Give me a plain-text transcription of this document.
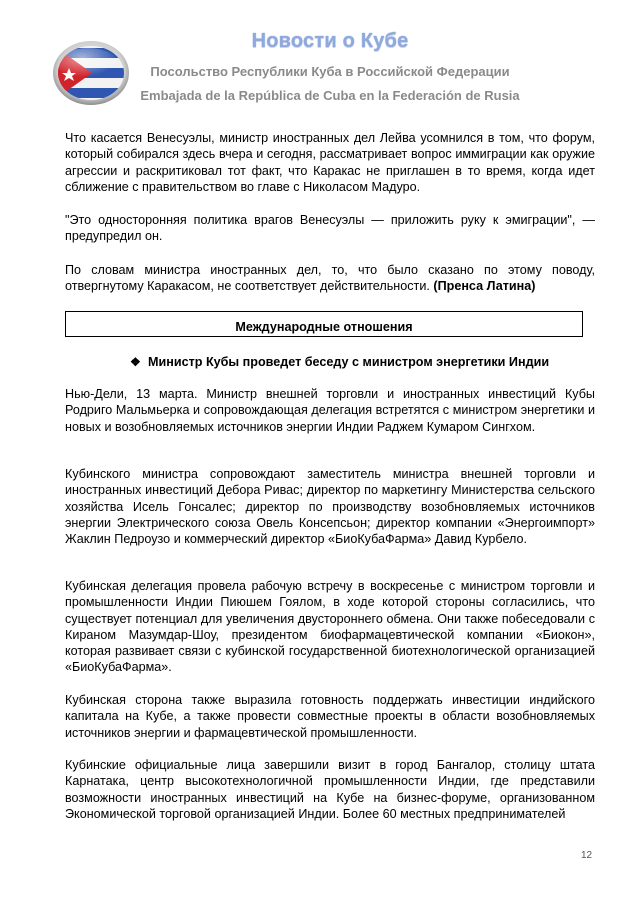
Новости о Кубе
Посольство Республики Куба в Российской Федерации
Embajada de la República de Cuba en la Federación de Rusia
Что касается Венесуэлы, министр иностранных дел Лейва усомнился в том, что форум, который собирался здесь вчера и сегодня, рассматривает вопрос иммиграции как оружие агрессии и раскритиковал тот факт, что Каракас не приглашен в то время, когда идет сближение с правительством во главе с Николасом Мадуро.
"Это односторонняя политика врагов Венесуэлы — приложить руку к эмиграции", — предупредил он.
По словам министра иностранных дел, то, что было сказано по этому поводу, отвергнутому Каракасом, не соответствует действительности. (Пренса Латина)
Международные отношения
❖ Министр Кубы проведет беседу с министром энергетики Индии
Нью-Дели, 13 марта. Министр внешней торговли и иностранных инвестиций Кубы Родриго Мальмьерка и сопровождающая делегация встретятся с министром энергетики и новых и возобновляемых источников энергии Индии Раджем Кумаром Сингхом.
Кубинского министра сопровождают заместитель министра внешней торговли и иностранных инвестиций Дебора Ривас; директор по маркетингу Министерства сельского хозяйства Исель Гонсалес; директор по производству возобновляемых источников энергии Электрического союза Овель Консепсьон; директор компании «Энергоимпорт» Жаклин Педроузо и коммерческий директор «БиоКубаФарма» Давид Курбело.
Кубинская делегация провела рабочую встречу в воскресенье с министром торговли и промышленности Индии Пиюшем Гоялом, в ходе которой стороны согласились, что существует потенциал для увеличения двустороннего обмена. Они также побеседовали с Кираном Мазумдар-Шоу, президентом биофармацевтической компании «Биокон», которая развивает связи с кубинской государственной биотехнологической организацией «БиоКубаФарма».
Кубинская сторона также выразила готовность поддержать инвестиции индийского капитала на Кубе, а также провести совместные проекты в области возобновляемых источников энергии и фармацевтической промышленности.
Кубинские официальные лица завершили визит в город Бангалор, столицу штата Карнатака, центр высокотехнологичной промышленности Индии, где представили возможности иностранных инвестиций на Кубе на бизнес-форуме, организованном Экономической торговой организацией Индии. Более 60 местных предпринимателей
12
